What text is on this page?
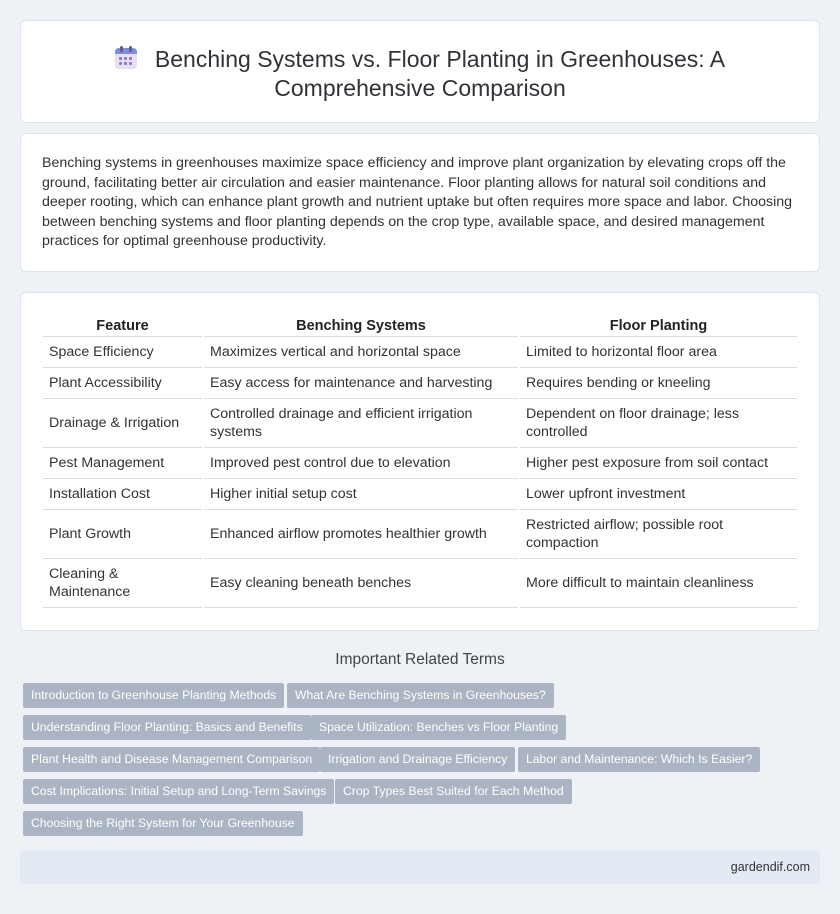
Benching Systems vs. Floor Planting in Greenhouses: A Comprehensive Comparison

Benching systems in greenhouses maximize space efficiency and improve plant organization by elevating crops off the ground, facilitating better air circulation and easier maintenance. Floor planting allows for natural soil conditions and deeper rooting, which can enhance plant growth and nutrient uptake but often requires more space and labor. Choosing between benching systems and floor planting depends on the crop type, available space, and desired management practices for optimal greenhouse productivity.

Feature	Benching Systems	Floor Planting
Space Efficiency	Maximizes vertical and horizontal space	Limited to horizontal floor area
Plant Accessibility	Easy access for maintenance and harvesting	Requires bending or kneeling
Drainage & Irrigation	Controlled drainage and efficient irrigation systems	Dependent on floor drainage; less controlled
Pest Management	Improved pest control due to elevation	Higher pest exposure from soil contact
Installation Cost	Higher initial setup cost	Lower upfront investment
Plant Growth	Enhanced airflow promotes healthier growth	Restricted airflow; possible root compaction
Cleaning & Maintenance	Easy cleaning beneath benches	More difficult to maintain cleanliness
Important Related Terms
Introduction to Greenhouse Planting Methods	What Are Benching Systems in Greenhouses?
Understanding Floor Planting: Basics and Benefits	Space Utilization: Benches vs Floor Planting
Plant Health and Disease Management Comparison	Irrigation and Drainage Efficiency	Labor and Maintenance: Which Is Easier?
Cost Implications: Initial Setup and Long-Term Savings	Crop Types Best Suited for Each Method
Choosing the Right System for Your Greenhouse
gardendif.com
